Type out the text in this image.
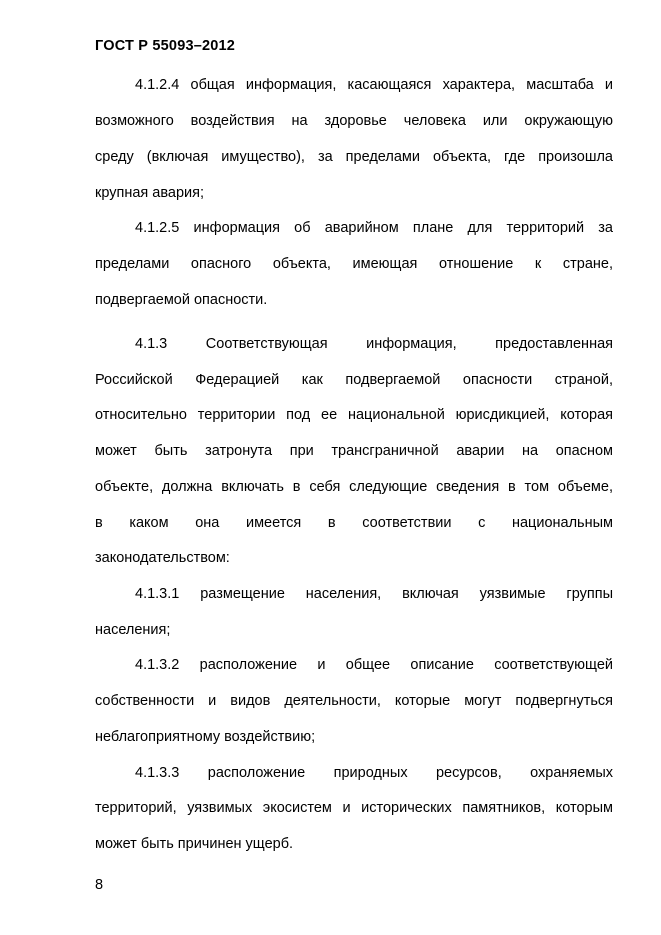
ГОСТ Р 55093–2012
4.1.2.4 общая информация, касающаяся характера, масштаба и
возможного воздействия на здоровье человека или окружающую
среду (включая имущество), за пределами объекта, где произошла
крупная авария;
4.1.2.5 информация об аварийном плане для территорий за
пределами опасного объекта, имеющая отношение к стране,
подвергаемой опасности.
4.1.3 Соответствующая информация, предоставленная
Российской Федерацией как подвергаемой опасности страной,
относительно территории под ее национальной юрисдикцией, которая
может быть затронута при трансграничной аварии на опасном
объекте, должна включать в себя следующие сведения в том объеме,
в каком она имеется в соответствии с национальным
законодательством:
4.1.3.1 размещение населения, включая уязвимые группы
населения;
4.1.3.2 расположение и общее описание соответствующей
собственности и видов деятельности, которые могут подвергнуться
неблагоприятному воздействию;
4.1.3.3 расположение природных ресурсов, охраняемых
территорий, уязвимых экосистем и исторических памятников, которым
может быть причинен ущерб.
8
